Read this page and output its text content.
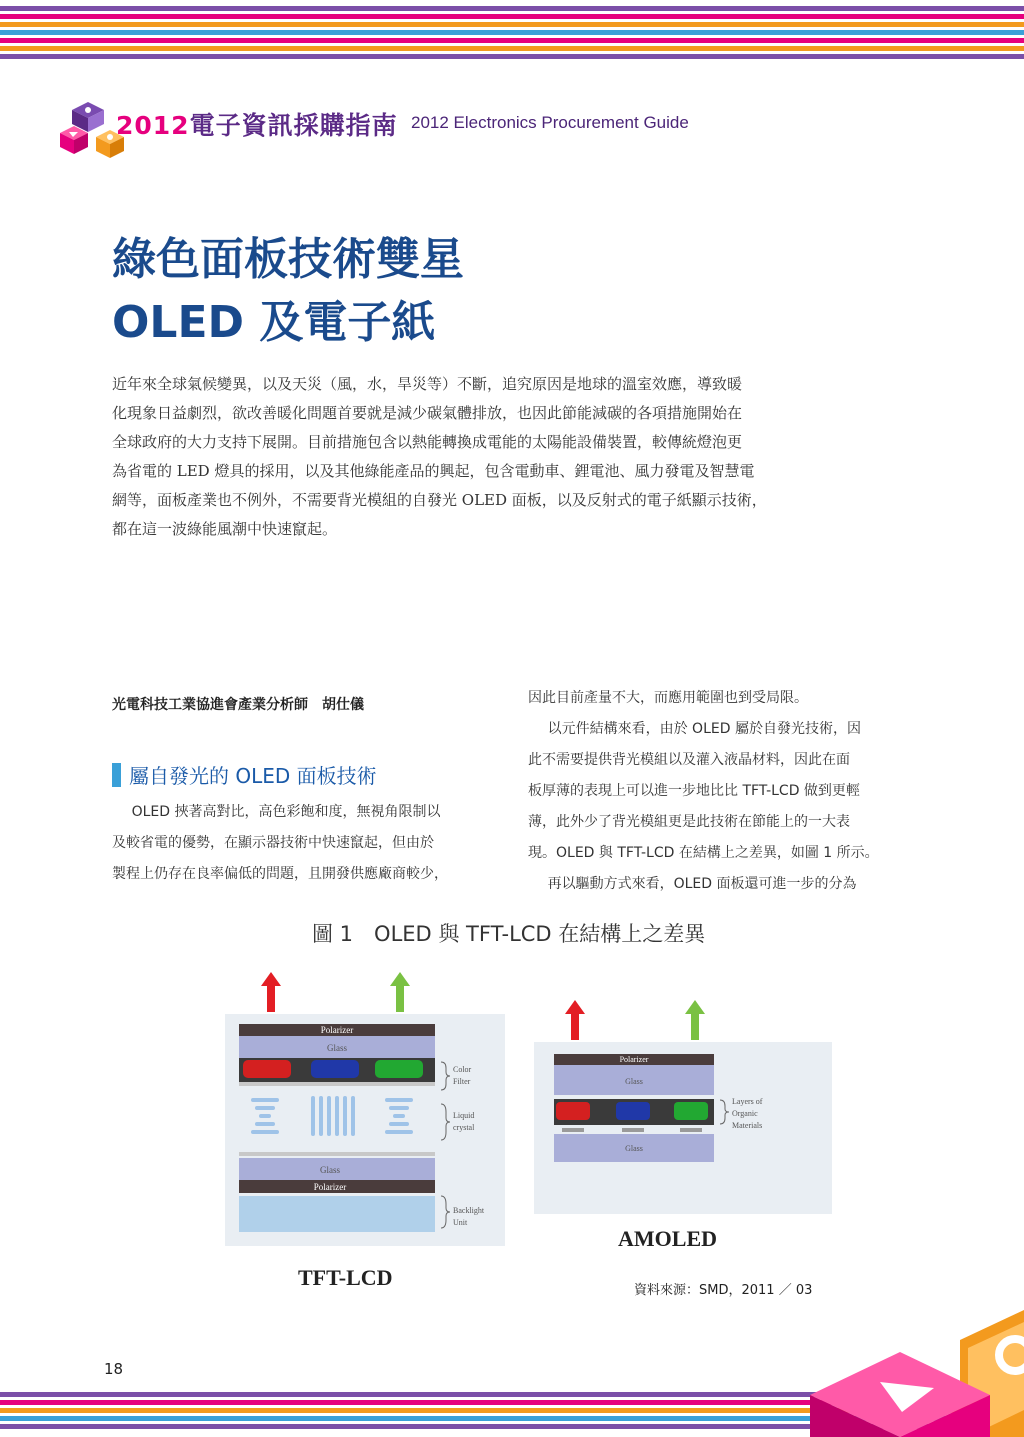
2012電子資訊採購指南 2012 Electronics Procurement Guide
綠色面板技術雙星
OLED 及電子紙
近年來全球氣候變異，以及天災（風，水，旱災等）不斷，追究原因是地球的溫室效應，導致暖
化現象日益劇烈，欲改善暖化問題首要就是減少碳氣體排放，也因此節能減碳的各項措施開始在
全球政府的大力支持下展開。目前措施包含以熱能轉換成電能的太陽能設備裝置，較傳統燈泡更
為省電的 LED 燈具的採用，以及其他綠能產品的興起，包含電動車、鋰電池、風力發電及智慧電
網等，面板產業也不例外，不需要背光模組的自發光 OLED 面板，以及反射式的電子紙顯示技術，
都在這一波綠能風潮中快速竄起。
光電科技工業協進會產業分析師　胡仕儀
屬自發光的 OLED 面板技術
OLED 挾著高對比，高色彩飽和度，無視角限制以
及較省電的優勢，在顯示器技術中快速竄起，但由於
製程上仍存在良率偏低的問題，且開發供應廠商較少，
因此目前產量不大，而應用範圍也到受局限。
以元件結構來看，由於 OLED 屬於自發光技術，因
此不需要提供背光模組以及灌入液晶材料，因此在面
板厚薄的表現上可以進一步地比比 TFT-LCD 做到更輕
薄，此外少了背光模組更是此技術在節能上的一大表
現。OLED 與 TFT-LCD 在結構上之差異，如圖 1 所示。
再以驅動方式來看，OLED 面板還可進一步的分為
圖 1　OLED 與 TFT-LCD 在結構上之差異
Polarizer
Glass
Glass
Polarizer
Color
Filter
Liquid
crystal
Backlight
Unit
TFT-LCD
Polarizer
Glass
Glass
Layers of
Organic
Materials
AMOLED
資料來源：SMD，2011 ／ 03
18
